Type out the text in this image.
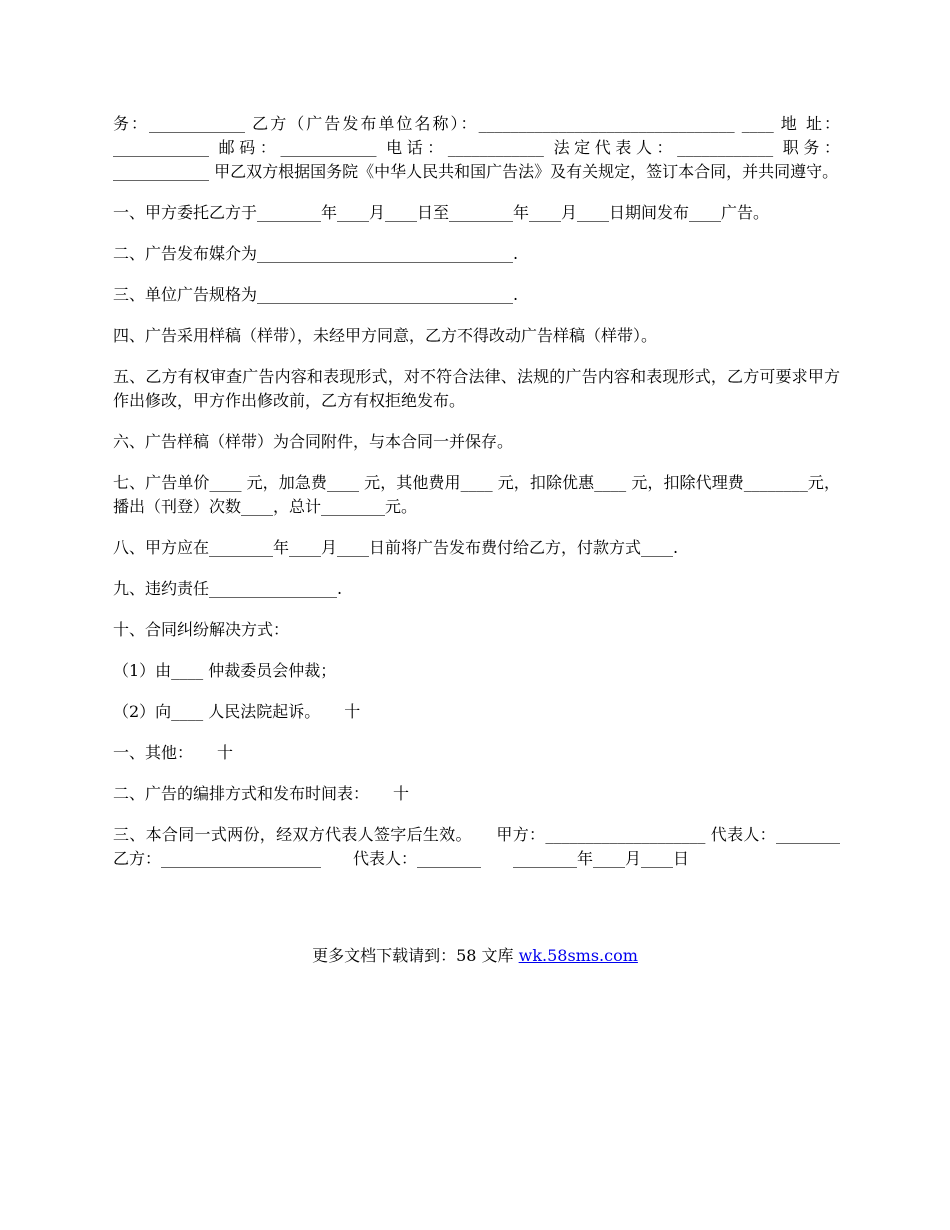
务：____________ 乙方（广告发布单位名称）：________________________________ ____ 地 址：____________ 邮码：____________ 电话：____________ 法定代表人：____________ 职务：____________ 甲乙双方根据国务院《中华人民共和国广告法》及有关规定，签订本合同，并共同遵守。

一、甲方委托乙方于________年____月____日至________年____月____日期间发布____广告。

二、广告发布媒介为________________________________.

三、单位广告规格为________________________________.

四、广告采用样稿（样带），未经甲方同意，乙方不得改动广告样稿（样带）。

五、乙方有权审查广告内容和表现形式，对不符合法律、法规的广告内容和表现形式，乙方可要求甲方作出修改，甲方作出修改前，乙方有权拒绝发布。

六、广告样稿（样带）为合同附件，与本合同一并保存。

七、广告单价____ 元，加急费____ 元，其他费用____ 元，扣除优惠____ 元，扣除代理费________元，播出（刊登）次数____，总计________元。

八、甲方应在________年____月____日前将广告发布费付给乙方，付款方式____.

九、违约责任________________.

十、合同纠纷解决方式：

（1）由____ 仲裁委员会仲裁；

（2）向____ 人民法院起诉。　　十

一、其他：　　十

二、广告的编排方式和发布时间表：　　十

三、本合同一式两份，经双方代表人签字后生效。　　甲方：____________________ 代表人：________　　乙方：____________________　　代表人：________　　________年____月____日

更多文档下载请到：58 文库 wk.58sms.com
